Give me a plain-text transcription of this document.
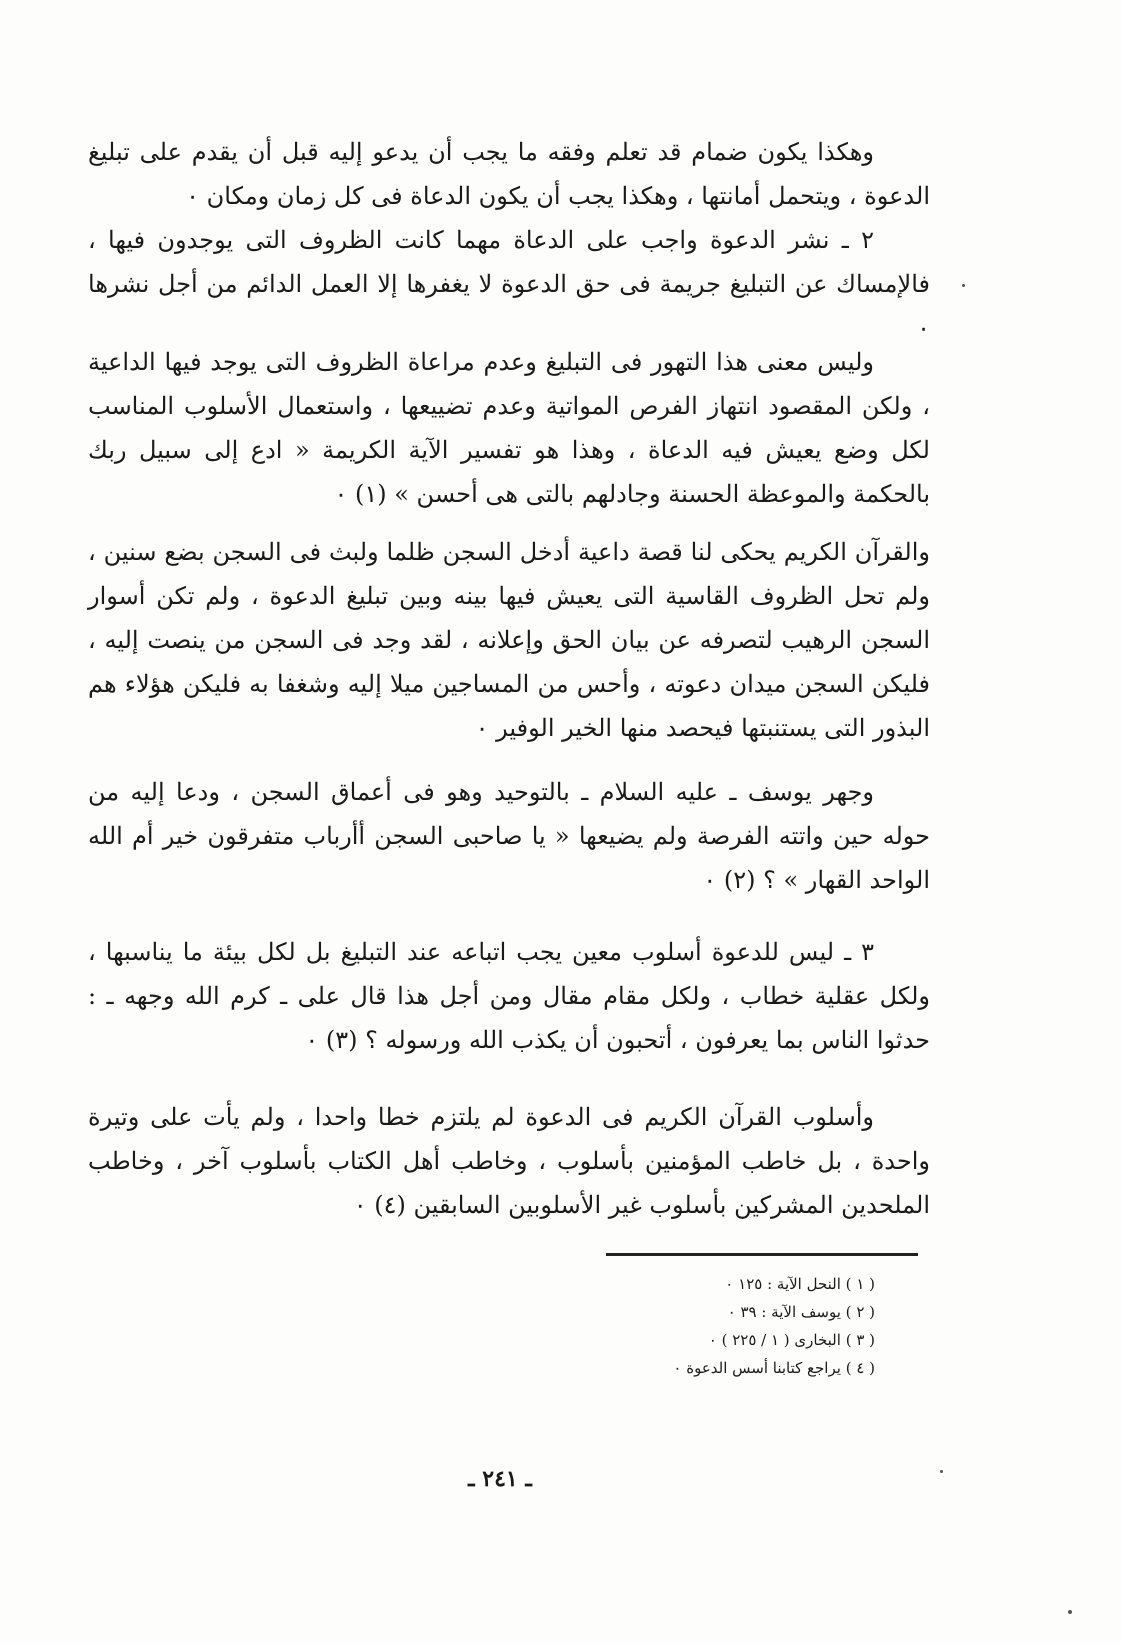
وهكذا يكون ضمام قد تعلم وفقه ما يجب أن يدعو إليه قبل أن يقدم على تبليغ الدعوة ، ويتحمل أمانتها ، وهكذا يجب أن يكون الدعاة فى كل زمان ومكان ٠

٢ ـ نشر الدعوة واجب على الدعاة مهما كانت الظروف التى يوجدون فيها ، فالإمساك عن التبليغ جريمة فى حق الدعوة لا يغفرها إلا العمل الدائم من أجل نشرها ٠

وليس معنى هذا التهور فى التبليغ وعدم مراعاة الظروف التى يوجد فيها الداعية ، ولكن المقصود انتهاز الفرص المواتية وعدم تضييعها ، واستعمال الأسلوب المناسب لكل وضع يعيش فيه الدعاة ، وهذا هو تفسير الآية الكريمة « ادع إلى سبيل ربك بالحكمة والموعظة الحسنة وجادلهم بالتى هى أحسن » (١) ٠

والقرآن الكريم يحكى لنا قصة داعية أدخل السجن ظلما ولبث فى السجن بضع سنين ، ولم تحل الظروف القاسية التى يعيش فيها بينه وبين تبليغ الدعوة ، ولم تكن أسوار السجن الرهيب لتصرفه عن بيان الحق وإعلانه ، لقد وجد فى السجن من ينصت إليه ، فليكن السجن ميدان دعوته ، وأحس من المساجين ميلا إليه وشغفا به فليكن هؤلاء هم البذور التى يستنبتها فيحصد منها الخير الوفير ٠

وجهر يوسف ـ عليه السلام ـ بالتوحيد وهو فى أعماق السجن ، ودعا إليه من حوله حين واتته الفرصة ولم يضيعها « يا صاحبى السجن أأرباب متفرقون خير أم الله الواحد القهار » ؟ (٢) ٠

٣ ـ ليس للدعوة أسلوب معين يجب اتباعه عند التبليغ بل لكل بيئة ما يناسبها ، ولكل عقلية خطاب ، ولكل مقام مقال ومن أجل هذا قال على ـ كرم الله وجهه ـ : حدثوا الناس بما يعرفون ، أتحبون أن يكذب الله ورسوله ؟ (٣) ٠

وأسلوب القرآن الكريم فى الدعوة لم يلتزم خطا واحدا ، ولم يأت على وتيرة واحدة ، بل خاطب المؤمنين بأسلوب ، وخاطب أهل الكتاب بأسلوب آخر ، وخاطب الملحدين المشركين بأسلوب غير الأسلوبين السابقين (٤) ٠

( ١ ) النحل الآية : ١٢٥ ٠
( ٢ ) يوسف الآية : ٣٩ ٠
( ٣ ) البخارى ( ١ / ٢٢٥ ) ٠
( ٤ ) يراجع كتابنا أسس الدعوة ٠
ـ ٢٤١ ـ
